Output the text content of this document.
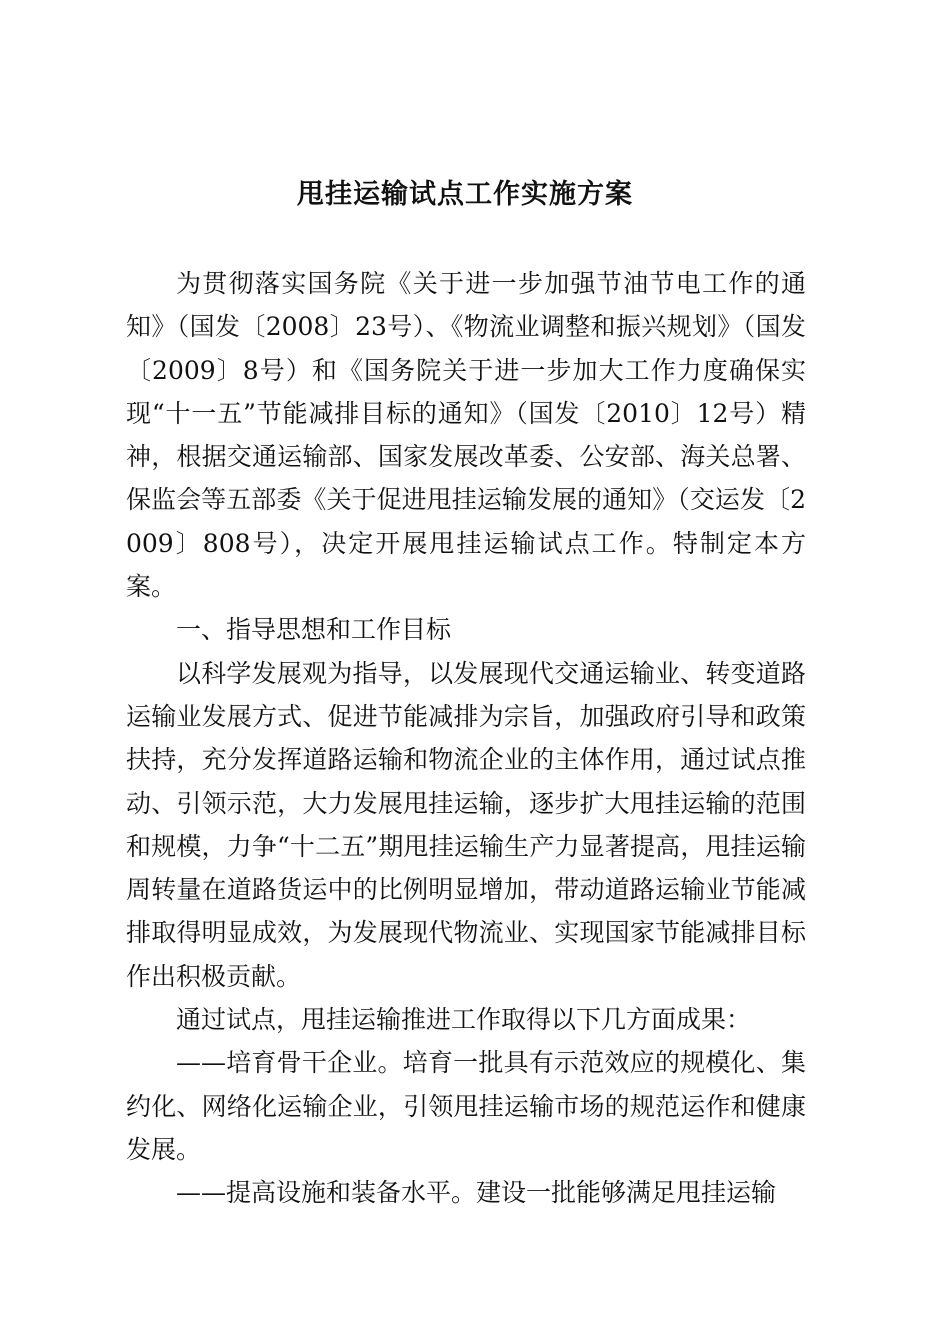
甩挂运输试点工作实施方案

为贯彻落实国务院《关于进一步加强节油节电工作的通知》（国发〔2008〕23号）、《物流业调整和振兴规划》（国发〔2009〕8号）和《国务院关于进一步加大工作力度确保实现“十一五”节能减排目标的通知》（国发〔2010〕12号）精神，根据交通运输部、国家发展改革委、公安部、海关总署、保监会等五部委《关于促进甩挂运输发展的通知》（交运发〔2009〕808号），决定开展甩挂运输试点工作。特制定本方案。

一、指导思想和工作目标

以科学发展观为指导，以发展现代交通运输业、转变道路运输业发展方式、促进节能减排为宗旨，加强政府引导和政策扶持，充分发挥道路运输和物流企业的主体作用，通过试点推动、引领示范，大力发展甩挂运输，逐步扩大甩挂运输的范围和规模，力争“十二五”期甩挂运输生产力显著提高，甩挂运输周转量在道路货运中的比例明显增加，带动道路运输业节能减排取得明显成效，为发展现代物流业、实现国家节能减排目标作出积极贡献。

通过试点，甩挂运输推进工作取得以下几方面成果：

——培育骨干企业。培育一批具有示范效应的规模化、集约化、网络化运输企业，引领甩挂运输市场的规范运作和健康发展。

——提高设施和装备水平。建设一批能够满足甩挂运输
